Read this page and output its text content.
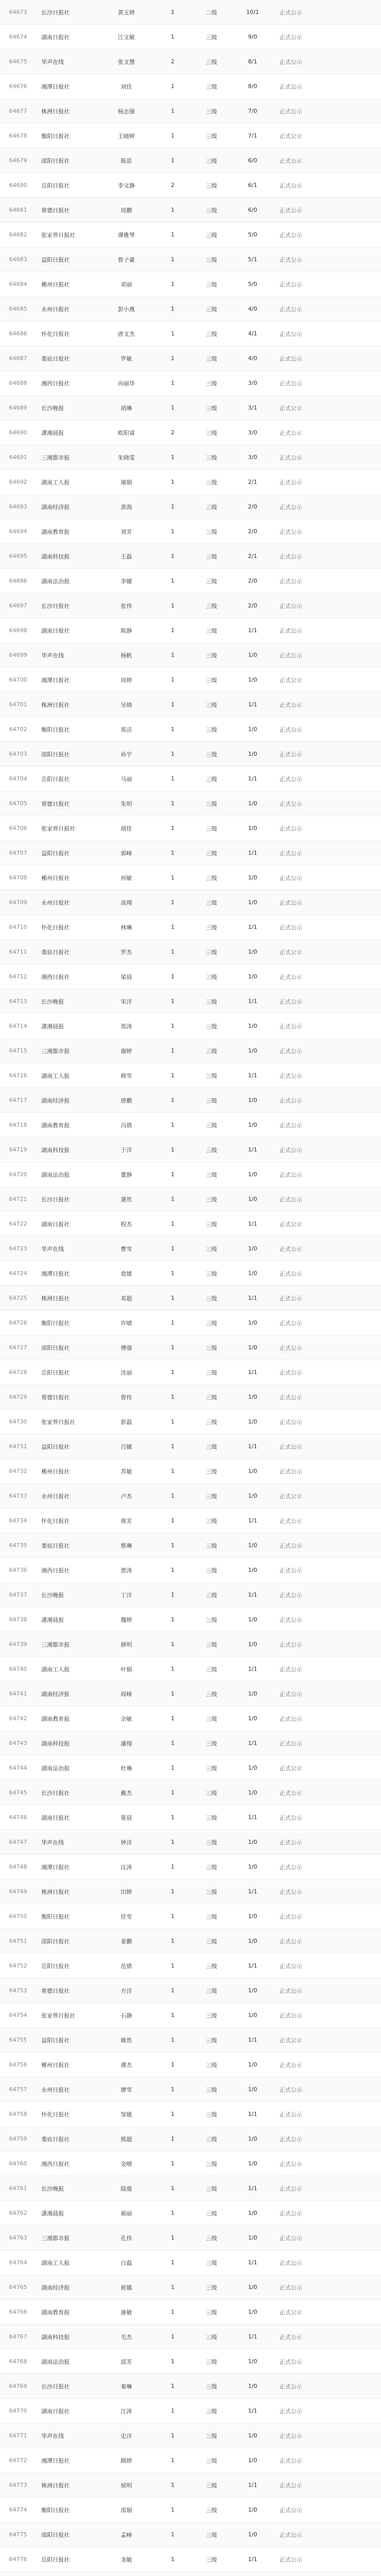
64673	长沙日报社	黄玉婷	1	二级	10/1	正式公示
64674	湖南日报社	江文敏	1	三级	9/0	正式公示
64675	华声在线	张文慧	2	三级	8/1	正式公示
64676	湘潭日报社	刘佳	1	三级	8/0	正式公示
64677	株洲日报社	杨志强	1	三级	7/0	正式公示
64678	衡阳日报社	王晓婷	1	三级	7/1	正式公示
64679	邵阳日报社	陈思	1	三级	6/0	正式公示
64680	岳阳日报社	李文静	2	三级	6/1	正式公示
64681	常德日报社	周鹏	1	三级	6/0	正式公示
64682	张家界日报社	谭雅琴	1	三级	5/0	正式公示
64683	益阳日报社	曾子豪	1	三级	5/1	正式公示
64684	郴州日报社	邓丽	1	三级	5/0	正式公示
64685	永州日报社	彭小燕	1	三级	4/0	正式公示
64686	怀化日报社	唐文杰	1	三级	4/1	正式公示
64687	娄底日报社	罗敏	1	三级	4/0	正式公示
64688	湘西日报社	向丽华	1	三级	3/0	正式公示
64689	长沙晚报	胡琳	1	三级	3/1	正式公示
64690	潇湘晨报	欧阳睿	2	三级	3/0	正式公示
64691	三湘都市报	朱晓雯	1	三级	3/0	正式公示
64692	湖南工人报	谢娟	1	三级	2/1	正式公示
64693	湖南经济报	黄海	1	三级	2/0	正式公示
64694	湖南教育报	刘芳	1	三级	2/0	正式公示
64695	湖南科技报	王磊	1	三级	2/1	正式公示
64696	湖南法治报	李娜	1	三级	2/0	正式公示
64697	长沙日报社	张伟	1	三级	2/0	正式公示
64698	湖南日报社	陈静	1	三级	1/1	正式公示
64699	华声在线	杨帆	1	三级	1/0	正式公示
64700	湘潭日报社	周婷	1	三级	1/0	正式公示
64701	株洲日报社	吴晓	1	三级	1/1	正式公示
64702	衡阳日报社	郑洁	1	三级	1/0	正式公示
64703	邵阳日报社	孙宇	1	三级	1/0	正式公示
64704	岳阳日报社	马丽	1	三级	1/1	正式公示
64705	常德日报社	朱明	1	三级	1/0	正式公示
64706	张家界日报社	胡佳	1	三级	1/0	正式公示
64707	益阳日报社	郭峰	1	三级	1/1	正式公示
64708	郴州日报社	何敏	1	三级	1/0	正式公示
64709	永州日报社	高翔	1	三级	1/0	正式公示
64710	怀化日报社	林琳	1	三级	1/1	正式公示
64711	娄底日报社	罗杰	1	三级	1/0	正式公示
64712	湘西日报社	梁晨	1	三级	1/0	正式公示
64713	长沙晚报	宋洋	1	三级	1/1	正式公示
64714	潇湘晨报	郑涛	1	三级	1/0	正式公示
64715	三湘都市报	谢婷	1	三级	1/0	正式公示
64716	湖南工人报	韩雪	1	三级	1/1	正式公示
64717	湖南经济报	唐鹏	1	三级	1/0	正式公示
64718	湖南教育报	冯倩	1	三级	1/0	正式公示
64719	湖南科技报	于洋	1	三级	1/1	正式公示
64720	湖南法治报	董静	1	三级	1/0	正式公示
64721	长沙日报社	萧然	1	三级	1/0	正式公示
64722	湖南日报社	程杰	1	三级	1/1	正式公示
64723	华声在线	曹雪	1	三级	1/0	正式公示
64724	湘潭日报社	袁媛	1	三级	1/0	正式公示
64725	株洲日报社	邓超	1	三级	1/1	正式公示
64726	衡阳日报社	许晴	1	三级	1/0	正式公示
64727	邵阳日报社	傅强	1	三级	1/0	正式公示
64728	岳阳日报社	沈丽	1	三级	1/1	正式公示
64729	常德日报社	曾伟	1	三级	1/0	正式公示
64730	张家界日报社	彭磊	1	三级	1/0	正式公示
64731	益阳日报社	吕娜	1	三级	1/1	正式公示
64732	郴州日报社	苏敏	1	三级	1/0	正式公示
64733	永州日报社	卢杰	1	三级	1/0	正式公示
64734	怀化日报社	蒋芳	1	三级	1/1	正式公示
64735	娄底日报社	蔡琳	1	三级	1/0	正式公示
64736	湘西日报社	贾涛	1	三级	1/0	正式公示
64737	长沙晚报	丁洋	1	三级	1/1	正式公示
64738	潇湘晨报	魏婷	1	三级	1/0	正式公示
64739	三湘都市报	薛明	1	三级	1/0	正式公示
64740	湖南工人报	叶娟	1	三级	1/1	正式公示
64741	湖南经济报	阎峰	1	三级	1/0	正式公示
64742	湖南教育报	余敏	1	三级	1/0	正式公示
64743	湖南科技报	潘翔	1	三级	1/1	正式公示
64744	湖南法治报	杜琳	1	三级	1/0	正式公示
64745	长沙日报社	戴杰	1	三级	1/0	正式公示
64746	湖南日报社	夏晨	1	三级	1/1	正式公示
64747	华声在线	钟洋	1	三级	1/0	正式公示
64748	湘潭日报社	汪涛	1	三级	1/0	正式公示
64749	株洲日报社	田婷	1	三级	1/1	正式公示
64750	衡阳日报社	任雪	1	三级	1/0	正式公示
64751	邵阳日报社	姜鹏	1	三级	1/0	正式公示
64752	岳阳日报社	范倩	1	三级	1/1	正式公示
64753	常德日报社	方洋	1	三级	1/0	正式公示
64754	张家界日报社	石静	1	三级	1/0	正式公示
64755	益阳日报社	姚然	1	三级	1/1	正式公示
64756	郴州日报社	谭杰	1	三级	1/0	正式公示
64757	永州日报社	廖雪	1	三级	1/0	正式公示
64758	怀化日报社	邹媛	1	三级	1/1	正式公示
64759	娄底日报社	熊超	1	三级	1/0	正式公示
64760	湘西日报社	金晴	1	三级	1/0	正式公示
64761	长沙晚报	陆强	1	三级	1/1	正式公示
64762	潇湘晨报	郝丽	1	三级	1/0	正式公示
64763	三湘都市报	孔伟	1	三级	1/0	正式公示
64764	湖南工人报	白磊	1	三级	1/1	正式公示
64765	湖南经济报	崔娜	1	三级	1/0	正式公示
64766	湖南教育报	康敏	1	三级	1/0	正式公示
64767	湖南科技报	毛杰	1	三级	1/1	正式公示
64768	湖南法治报	邱芳	1	三级	1/0	正式公示
64769	长沙日报社	秦琳	1	三级	1/0	正式公示
64770	湖南日报社	江涛	1	三级	1/1	正式公示
64771	华声在线	史洋	1	三级	1/0	正式公示
64772	湘潭日报社	顾婷	1	三级	1/0	正式公示
64773	株洲日报社	侯明	1	三级	1/1	正式公示
64774	衡阳日报社	邵娟	1	三级	1/0	正式公示
64775	邵阳日报社	孟峰	1	三级	1/0	正式公示
64776	岳阳日报社	龙敏	1	三级	1/1	正式公示
